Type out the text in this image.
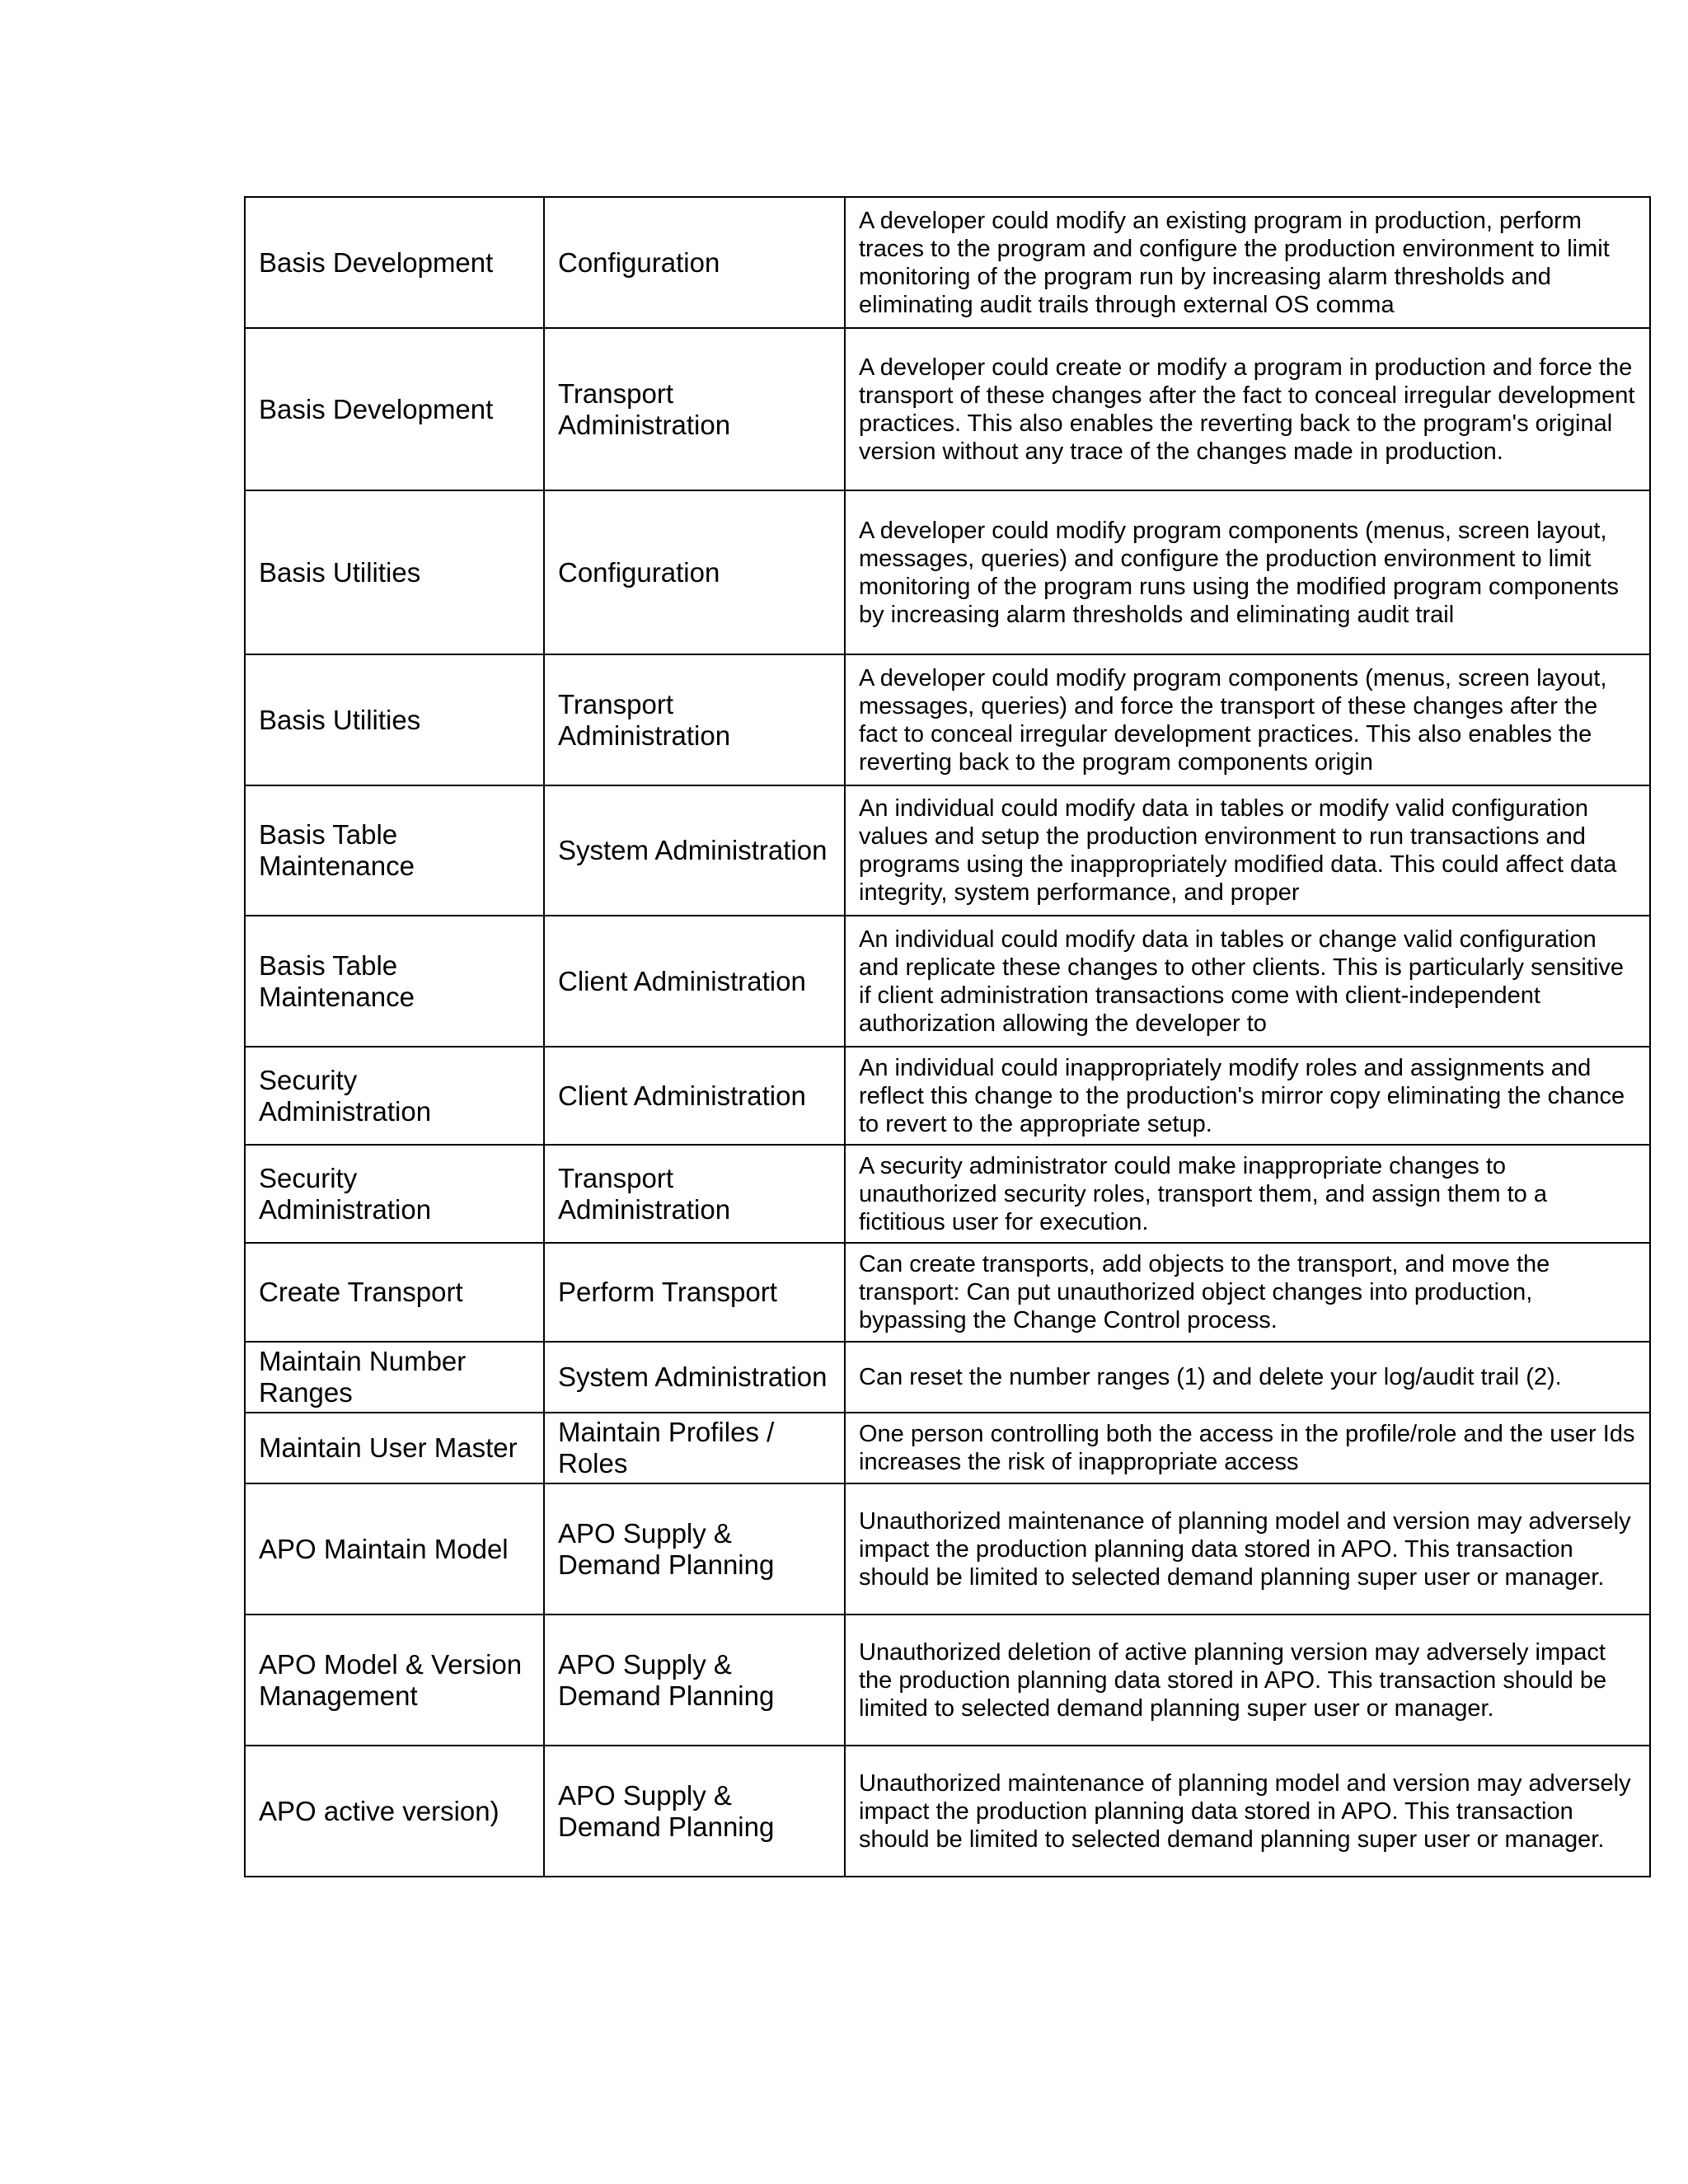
Basis Development	Configuration	A developer could modify an existing program in production, perform traces to the program and configure the production environment to limit monitoring of the program run by increasing alarm thresholds and eliminating audit trails through external OS comma
Basis Development	Transport Administration	A developer could create or modify a program in production and force the transport of these changes after the fact to conceal irregular development practices. This also enables the reverting back to the program's original version without any trace of the changes made in production.
Basis Utilities	Configuration	A developer could modify program components (menus, screen layout, messages, queries) and configure the production environment to limit monitoring of the program runs using the modified program components by increasing alarm thresholds and eliminating audit trail
Basis Utilities	Transport Administration	A developer could modify program components (menus, screen layout, messages, queries) and force the transport of these changes after the fact to conceal irregular development practices. This also enables the reverting back to the program components origin
Basis Table Maintenance	System Administration	An individual could modify data in tables or modify valid configuration values and setup the production environment to run transactions and programs using the inappropriately modified data. This could affect data integrity, system performance, and proper
Basis Table Maintenance	Client Administration	An individual could modify data in tables or change valid configuration and replicate these changes to other clients. This is particularly sensitive if client administration transactions come with client-independent authorization allowing the developer to
Security Administration	Client Administration	An individual could inappropriately modify roles and assignments and reflect this change to the production's mirror copy eliminating the chance to revert to the appropriate setup.
Security Administration	Transport Administration	A security administrator could make inappropriate changes to unauthorized security roles, transport them, and assign them to a fictitious user for execution.
Create Transport	Perform Transport	Can create transports, add objects to the transport, and move the transport: Can put unauthorized object changes into production, bypassing the Change Control process.
Maintain Number Ranges	System Administration	Can reset the number ranges (1) and delete your log/audit trail (2).
Maintain User Master	Maintain Profiles / Roles	One person controlling both the access in the profile/role and the user Ids increases the risk of inappropriate access
APO Maintain Model	APO Supply & Demand Planning	Unauthorized maintenance of planning model and version may adversely impact the production planning data stored in APO. This transaction should be limited to selected demand planning super user or manager.
APO Model & Version Management	APO Supply & Demand Planning	Unauthorized deletion of active planning version may adversely impact the production planning data stored in APO. This transaction should be limited to selected demand planning super user or manager.
APO active version)	APO Supply & Demand Planning	Unauthorized maintenance of planning model and version may adversely impact the production planning data stored in APO. This transaction should be limited to selected demand planning super user or manager.
